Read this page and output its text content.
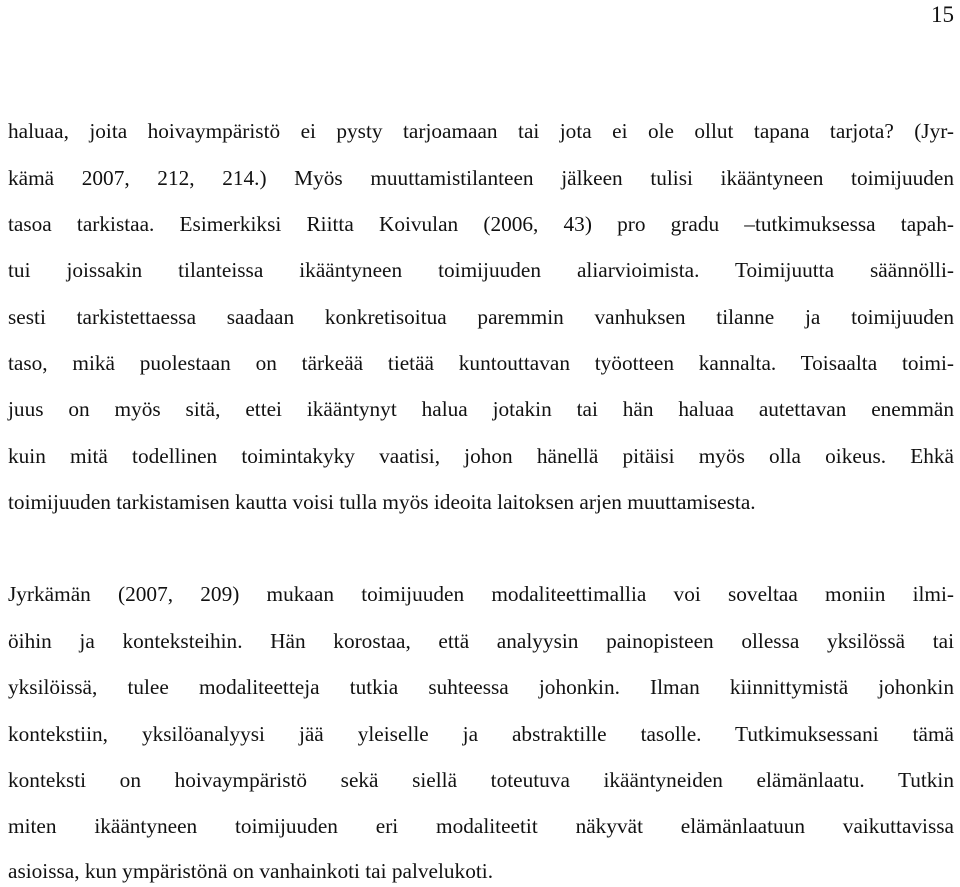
15
haluaa, joita hoivaympäristö ei pysty tarjoamaan tai jota ei ole ollut tapana tarjota? (Jyr-
kämä 2007, 212, 214.) Myös muuttamistilanteen jälkeen tulisi ikääntyneen toimijuuden
tasoa tarkistaa. Esimerkiksi Riitta Koivulan (2006, 43) pro gradu –tutkimuksessa tapah-
tui joissakin tilanteissa ikääntyneen toimijuuden aliarvioimista. Toimijuutta säännölli-
sesti tarkistettaessa saadaan konkretisoitua paremmin vanhuksen tilanne ja toimijuuden
taso, mikä puolestaan on tärkeää tietää kuntouttavan työotteen kannalta. Toisaalta toimi-
juus on myös sitä, ettei ikääntynyt halua jotakin tai hän haluaa autettavan enemmän
kuin mitä todellinen toimintakyky vaatisi, johon hänellä pitäisi myös olla oikeus. Ehkä
toimijuuden tarkistamisen kautta voisi tulla myös ideoita laitoksen arjen muuttamisesta.
Jyrkämän (2007, 209) mukaan toimijuuden modaliteettimallia voi soveltaa moniin ilmi-
öihin ja konteksteihin. Hän korostaa, että analyysin painopisteen ollessa yksilössä tai
yksilöissä, tulee modaliteetteja tutkia suhteessa johonkin. Ilman kiinnittymistä johonkin
kontekstiin, yksilöanalyysi jää yleiselle ja abstraktille tasolle. Tutkimuksessani tämä
konteksti on hoivaympäristö sekä siellä toteutuva ikääntyneiden elämänlaatu. Tutkin
miten ikääntyneen toimijuuden eri modaliteetit näkyvät elämänlaatuun vaikuttavissa
asioissa, kun ympäristönä on vanhainkoti tai palvelukoti.
